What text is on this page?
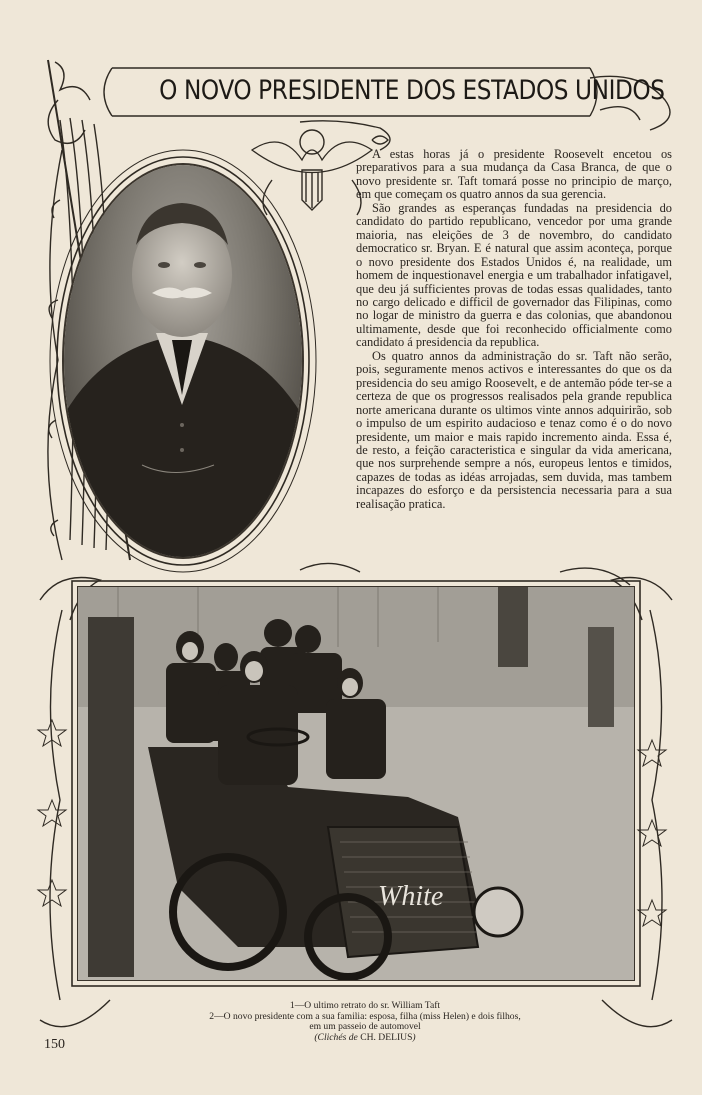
O NOVO PRESIDENTE DOS ESTADOS UNIDOS

A estas horas já o presidente Roosevelt encetou os preparativos para a sua mudança da Casa Branca, de que o novo presidente sr. Taft tomará posse no principio de março, em que começam os quatro annos da sua gerencia.

São grandes as esperanças fundadas na presidencia do candidato do partido republicano, vencedor por uma grande maioria, nas eleições de 3 de novembro, do candidato democratico sr. Bryan. E é natural que assim aconteça, porque o novo presidente dos Estados Unidos é, na realidade, um homem de inquestionavel energia e um trabalhador infatigavel, que deu já sufficientes provas de todas essas qualidades, tanto no cargo delicado e difficil de governador das Filipinas, como no logar de ministro da guerra e das colonias, que abandonou ultimamente, desde que foi reconhecido officialmente como candidato á presidencia da republica.

Os quatro annos da administração do sr. Taft não serão, pois, seguramente menos activos e interessantes do que os da presidencia do seu amigo Roosevelt, e de antemão póde ter-se a certeza de que os progressos realisados pela grande republica norte americana durante os ultimos vinte annos adquirirão, sob o impulso de um espirito audacioso e tenaz como é o do novo presidente, um maior e mais rapido incremento ainda. Essa é, de resto, a feição caracteristica e singular da vida americana, que nos surprehende sempre a nós, europeus lentos e timidos, capazes de todas as idéas arrojadas, sem duvida, mas tambem incapazes do esforço e da persistencia necessaria para a sua realisação pratica.

White
1—O ultimo retrato do sr. William Taft
2—O novo presidente com a sua familia: esposa, filha (miss Helen) e dois filhos,
em um passeio de automovel
(Clichés de CH. DELIUS)
150
